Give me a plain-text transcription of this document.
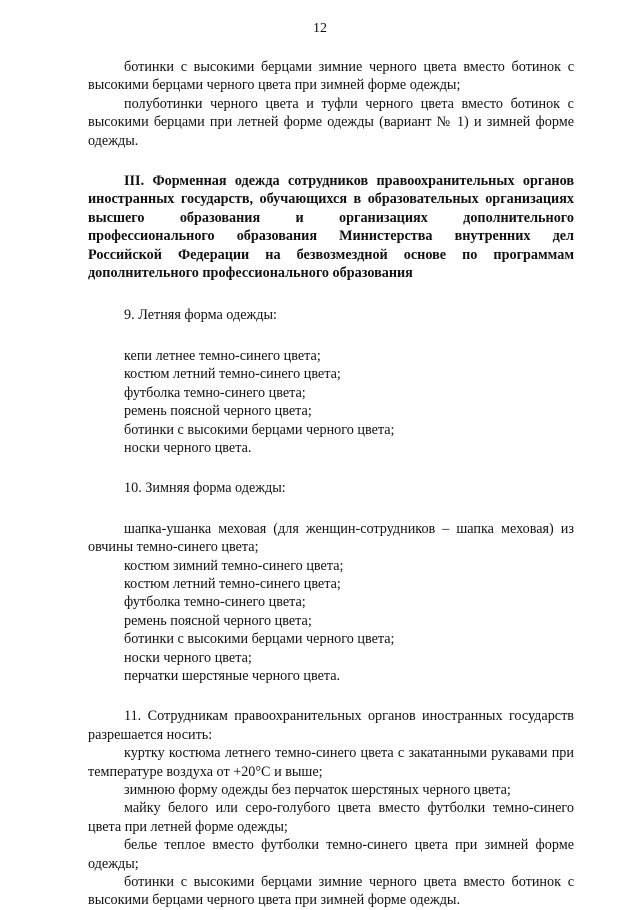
12

ботинки с высокими берцами зимние черного цвета вместо ботинок с высокими берцами черного цвета при зимней форме одежды;

полуботинки черного цвета и туфли черного цвета вместо ботинок с высокими берцами при летней форме одежды (вариант № 1) и зимней форме одежды.

III. Форменная одежда сотрудников правоохранительных органов иностранных государств, обучающихся в образовательных организациях высшего образования и организациях дополнительного профессионального образования Министерства внутренних дел Российской Федерации на безвозмездной основе по программам дополнительного профессионального образования

9. Летняя форма одежды:

кепи летнее темно-синего цвета;

костюм летний темно-синего цвета;

футболка темно-синего цвета;

ремень поясной черного цвета;

ботинки с высокими берцами черного цвета;

носки черного цвета.

10. Зимняя форма одежды:

шапка-ушанка меховая (для женщин-сотрудников – шапка меховая) из овчины темно-синего цвета;

костюм зимний темно-синего цвета;

костюм летний темно-синего цвета;

футболка темно-синего цвета;

ремень поясной черного цвета;

ботинки с высокими берцами черного цвета;

носки черного цвета;

перчатки шерстяные черного цвета.

11. Сотрудникам правоохранительных органов иностранных государств разрешается носить:

куртку костюма летнего темно-синего цвета с закатанными рукавами при температуре воздуха от +20°С и выше;

зимнюю форму одежды без перчаток шерстяных черного цвета;

майку белого или серо-голубого цвета вместо футболки темно-синего цвета при летней форме одежды;

белье теплое вместо футболки темно-синего цвета при зимней форме одежды;

ботинки с высокими берцами зимние черного цвета вместо ботинок с высокими берцами черного цвета при зимней форме одежды.
